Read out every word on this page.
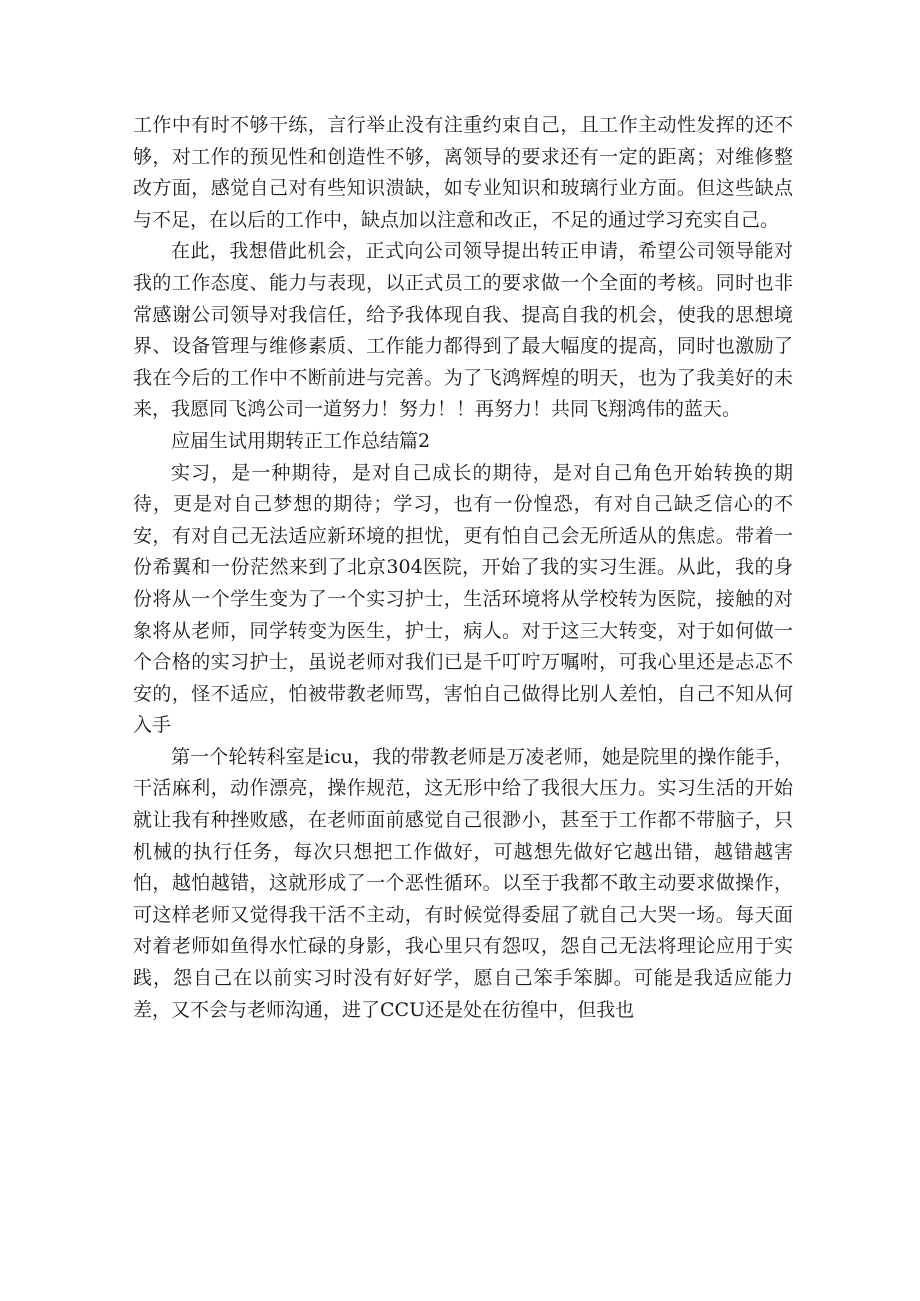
工作中有时不够干练，言行举止没有注重约束自己，且工作主动性发挥的还不够，对工作的预见性和创造性不够，离领导的要求还有一定的距离；对维修整改方面，感觉自己对有些知识溃缺，如专业知识和玻璃行业方面。但这些缺点与不足，在以后的工作中，缺点加以注意和改正，不足的通过学习充实自己。

在此，我想借此机会，正式向公司领导提出转正申请，希望公司领导能对我的工作态度、能力与表现，以正式员工的要求做一个全面的考核。同时也非常感谢公司领导对我信任，给予我体现自我、提高自我的机会，使我的思想境界、设备管理与维修素质、工作能力都得到了最大幅度的提高，同时也激励了我在今后的工作中不断前进与完善。为了飞鸿辉煌的明天，也为了我美好的未来，我愿同飞鸿公司一道努力！努力！！再努力！共同飞翔鸿伟的蓝天。

应届生试用期转正工作总结篇2

实习，是一种期待，是对自己成长的期待，是对自己角色开始转换的期待，更是对自己梦想的期待；学习，也有一份惶恐，有对自己缺乏信心的不安，有对自己无法适应新环境的担忧，更有怕自己会无所适从的焦虑。带着一份希翼和一份茫然来到了北京304医院，开始了我的实习生涯。从此，我的身份将从一个学生变为了一个实习护士，生活环境将从学校转为医院，接触的对象将从老师，同学转变为医生，护士，病人。对于这三大转变，对于如何做一个合格的实习护士，虽说老师对我们已是千叮咛万嘱咐，可我心里还是忐忑不安的，怪不适应，怕被带教老师骂，害怕自己做得比别人差怕，自己不知从何入手

第一个轮转科室是icu，我的带教老师是万凌老师，她是院里的操作能手，干活麻利，动作漂亮，操作规范，这无形中给了我很大压力。实习生活的开始就让我有种挫败感，在老师面前感觉自己很渺小，甚至于工作都不带脑子，只机械的执行任务，每次只想把工作做好，可越想先做好它越出错，越错越害怕，越怕越错，这就形成了一个恶性循环。以至于我都不敢主动要求做操作，可这样老师又觉得我干活不主动，有时候觉得委屈了就自己大哭一场。每天面对着老师如鱼得水忙碌的身影，我心里只有怨叹，怨自己无法将理论应用于实践，怨自己在以前实习时没有好好学，愿自己笨手笨脚。可能是我适应能力差，又不会与老师沟通，进了CCU还是处在彷徨中，但我也
